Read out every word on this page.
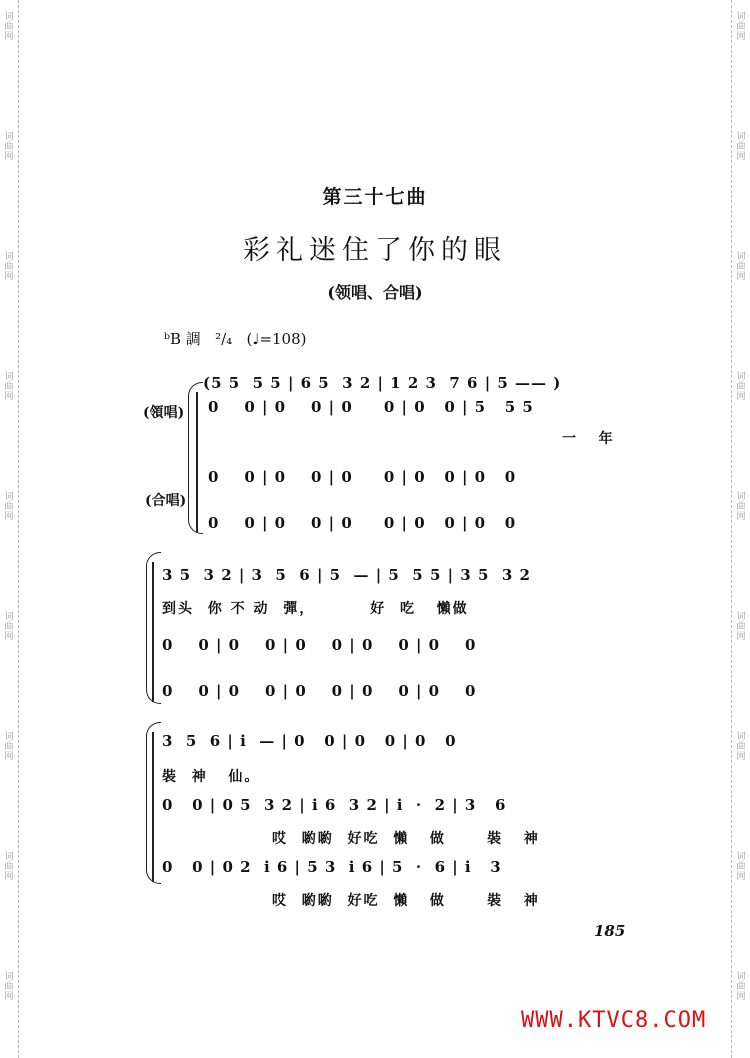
词曲网
词曲网
词曲网
词曲网
词曲网
词曲网
词曲网
词曲网
词曲网
词曲网
词曲网
词曲网
词曲网
词曲网
词曲网
词曲网
词曲网
词曲网
第三十七曲
彩礼迷住了你的眼
(领唱、合唱)
ᵇB 調 ²/₄ (♩=108)
(領唱)
(合唱)
(5 5  5 5 | 6 5  3 2 | 1 2 3  7 6 | 5 —— )
0    0 | 0    0 | 0     0 | 0   0 | 5   5 5
一   年
0    0 | 0    0 | 0     0 | 0   0 | 0   0
0    0 | 0    0 | 0     0 | 0   0 | 0   0
3 5  3 2 | 3  5  6 | 5  — | 5  5 5 | 3 5  3 2
到头  你 不 动  彈，        好  吃   懶做
0    0 | 0    0 | 0    0 | 0    0 | 0    0
0    0 | 0    0 | 0    0 | 0    0 | 0    0
3  5  6 | i  — | 0   0 | 0   0 | 0   0
裝  神   仙。
0   0 | 0 5  3 2 | i 6  3 2 | i  ·  2 | 3   6
哎  喲喲  好吃  懶   做      裝   神
0   0 | 0 2  i 6 | 5 3  i 6 | 5  ·  6 | i   3
哎  喲喲  好吃  懶   做      裝   神
185
WWW.KTVC8.COM
